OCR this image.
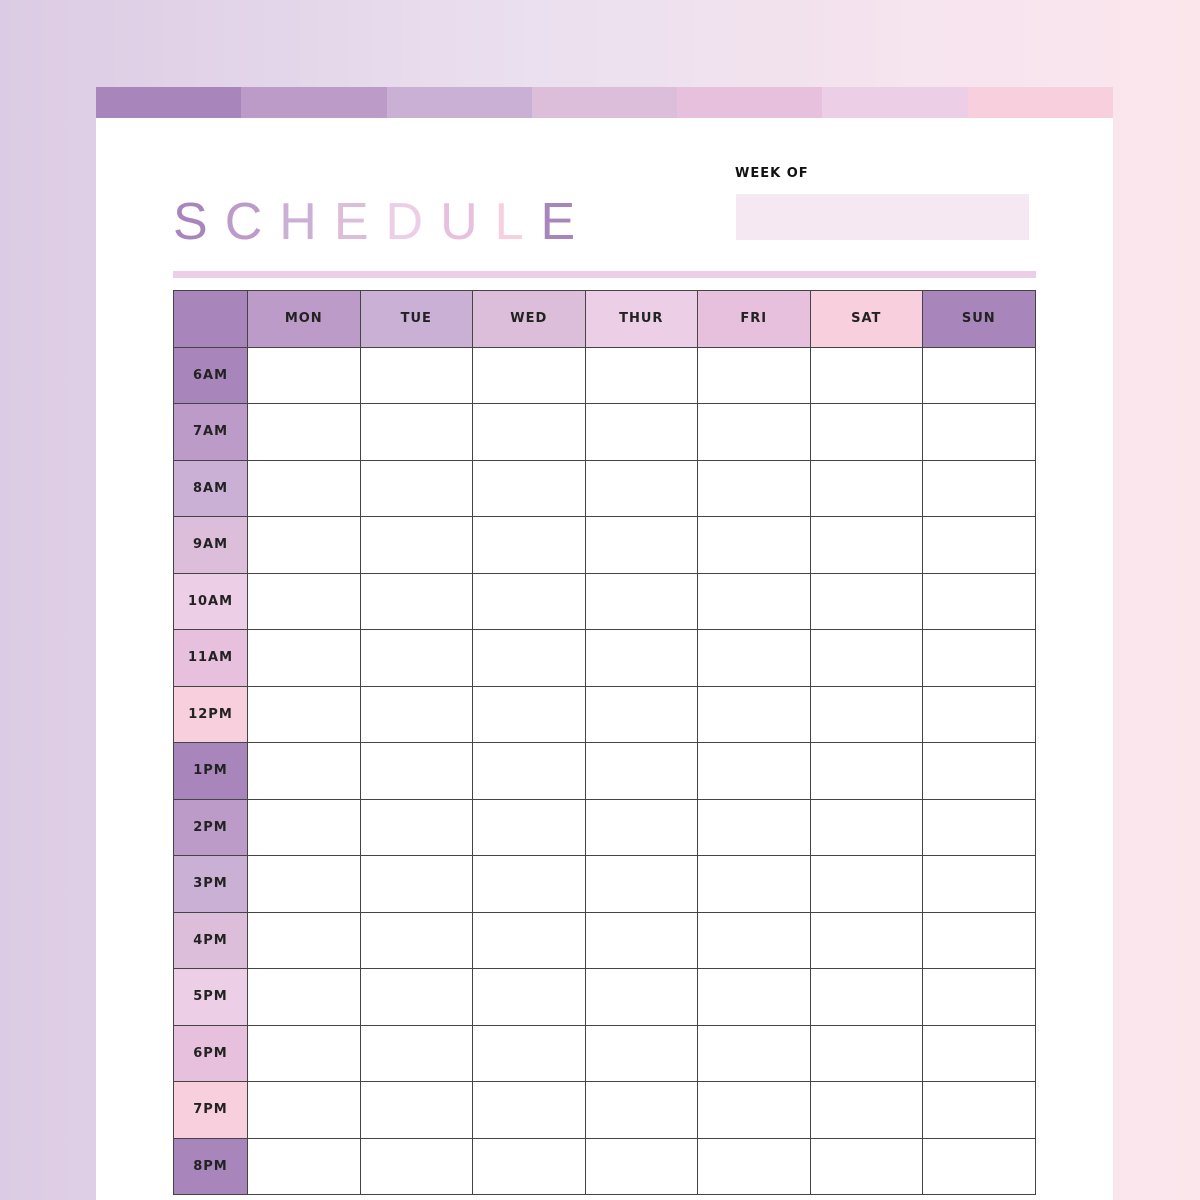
SCHEDULE
WEEK OF
	MON	TUE	WED	THUR	FRI	SAT	SUN
6AM							
7AM							
8AM							
9AM							
10AM							
11AM							
12PM							
1PM							
2PM							
3PM							
4PM							
5PM							
6PM							
7PM							
8PM							
